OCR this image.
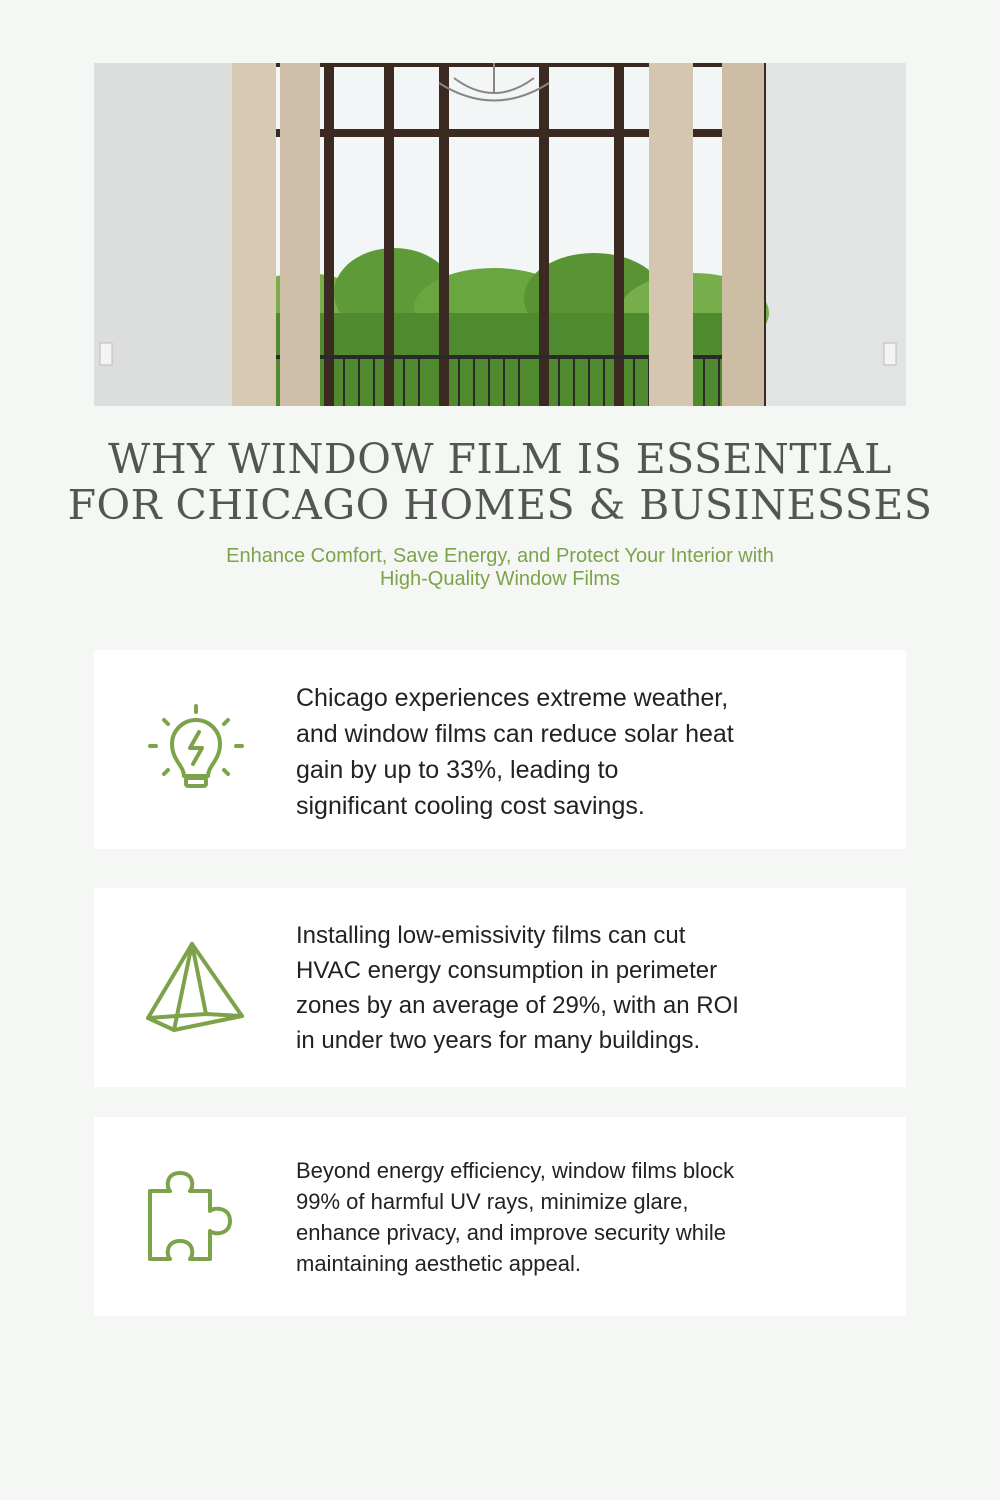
WHY WINDOW FILM IS ESSENTIAL
FOR CHICAGO HOMES & BUSINESSES
Enhance Comfort, Save Energy, and Protect Your Interior with
High-Quality Window Films
Chicago experiences extreme weather,
and window films can reduce solar heat
gain by up to 33%, leading to
significant cooling cost savings.
Installing low-emissivity films can cut
HVAC energy consumption in perimeter
zones by an average of 29%, with an ROI
in under two years for many buildings.
Beyond energy efficiency, window films block
99% of harmful UV rays, minimize glare,
enhance privacy, and improve security while
maintaining aesthetic appeal.
